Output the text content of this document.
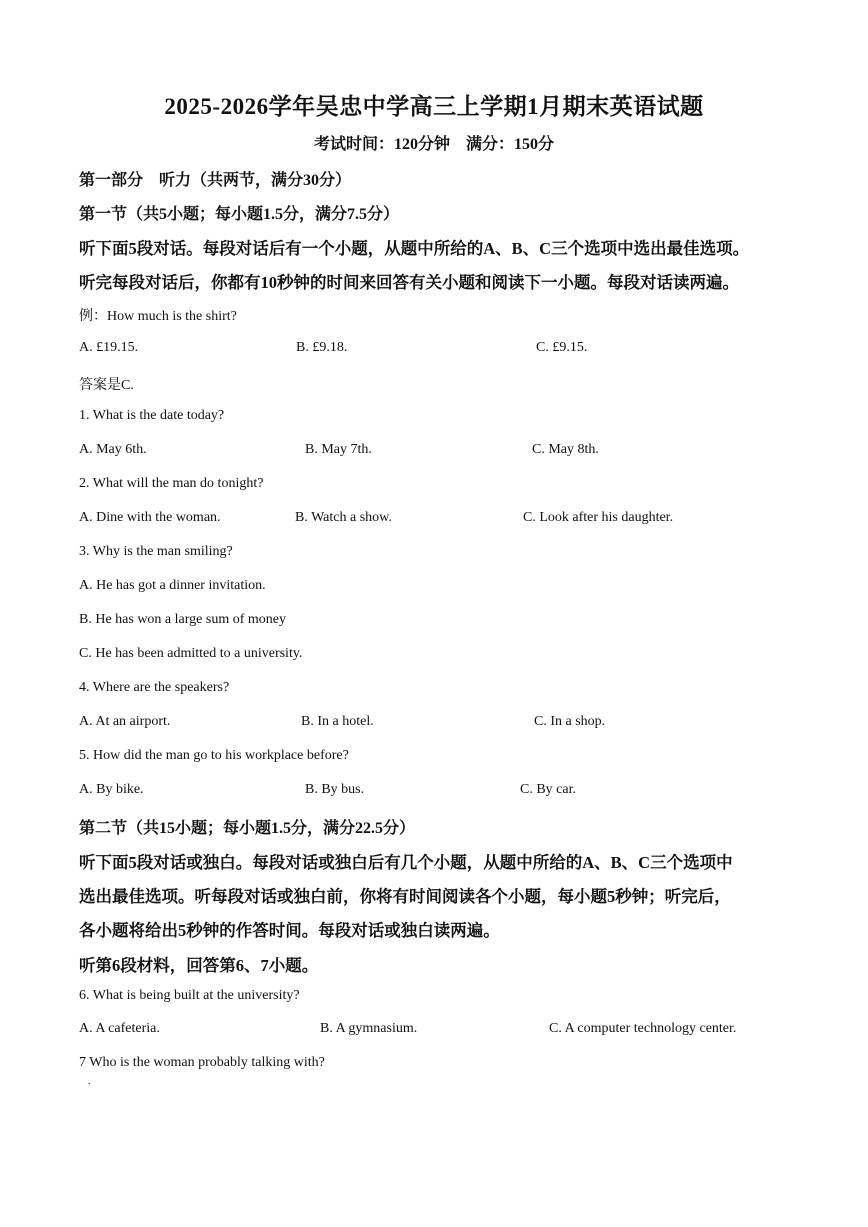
2025-2026学年吴忠中学高三上学期1月期末英语试题
考试时间：120分钟　满分：150分
第一部分　听力（共两节，满分30分）
第一节（共5小题；每小题1.5分，满分7.5分）
听下面5段对话。每段对话后有一个小题，从题中所给的A、B、C三个选项中选出最佳选项。
听完每段对话后，你都有10秒钟的时间来回答有关小题和阅读下一小题。每段对话读两遍。
例：How much is the shirt?
A. £19.15.	B. £9.18.	C. £9.15.
答案是C.
1. What is the date today?
A. May 6th.	B. May 7th.	C. May 8th.
2. What will the man do tonight?
A. Dine with the woman.	B. Watch a show.	C. Look after his daughter.
3. Why is the man smiling?
A. He has got a dinner invitation.
B. He has won a large sum of money
C. He has been admitted to a university.
4. Where are the speakers?
A. At an airport.	B. In a hotel.	C. In a shop.
5. How did the man go to his workplace before?
A. By bike.	B. By bus.	C. By car.
第二节（共15小题；每小题1.5分，满分22.5分）
听下面5段对话或独白。每段对话或独白后有几个小题，从题中所给的A、B、C三个选项中
选出最佳选项。听每段对话或独白前，你将有时间阅读各个小题，每小题5秒钟；听完后，
各小题将给出5秒钟的作答时间。每段对话或独白读两遍。
听第6段材料，回答第6、7小题。
6. What is being built at the university?
A. A cafeteria.	B. A gymnasium.	C. A computer technology center.
7 Who is the woman probably talking with?
.
